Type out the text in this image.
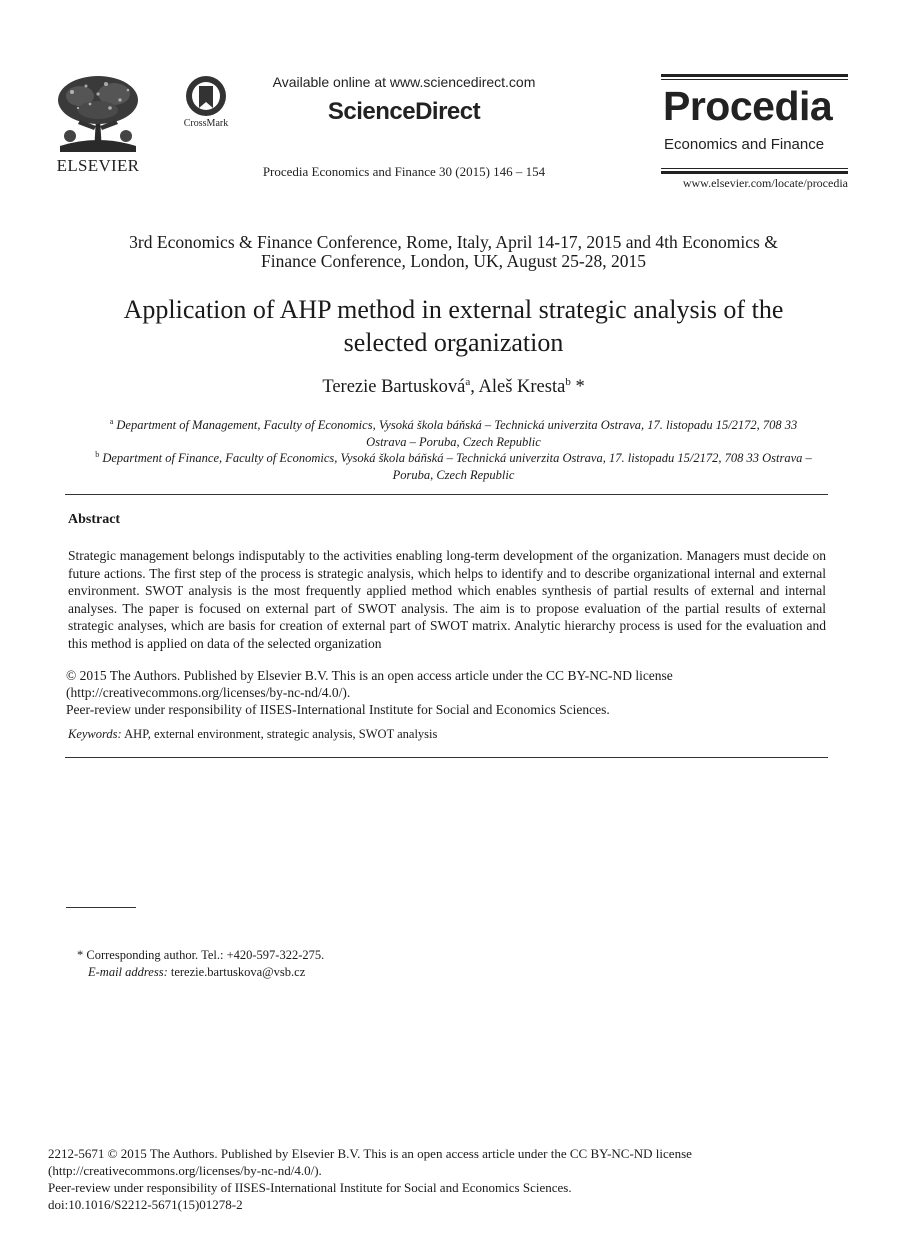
ELSEVIER
CrossMark
Available online at www.sciencedirect.com
ScienceDirect
Procedia Economics and Finance 30 (2015) 146 – 154
Procedia
Economics and Finance
www.elsevier.com/locate/procedia
3rd Economics & Finance Conference, Rome, Italy, April 14-17, 2015 and 4th Economics &
Finance Conference, London, UK, August 25-28, 2015
Application of AHP method in external strategic analysis of the
selected organization
Terezie Bartusková$^a$, Aleš Kresta$^b$ *
$^a$ Department of Management, Faculty of Economics, Vysoká škola báňská – Technická univerzita Ostrava, 17. listopadu 15/2172, 708 33
Ostrava – Poruba, Czech Republic
$^b$ Department of Finance, Faculty of Economics, Vysoká škola báňská – Technická univerzita Ostrava, 17. listopadu 15/2172, 708 33 Ostrava –
Poruba, Czech Republic
Abstract
Strategic management belongs indisputably to the activities enabling long-term development of the organization. Managers must decide on future actions. The first step of the process is strategic analysis, which helps to identify and to describe organizational internal and external environment. SWOT analysis is the most frequently applied method which enables synthesis of partial results of external and internal analyses. The paper is focused on external part of SWOT analysis. The aim is to propose evaluation of the partial results of external strategic analyses, which are basis for creation of external part of SWOT matrix. Analytic hierarchy process is used for the evaluation and this method is applied on data of the selected organization
© 2015 The Authors. Published by Elsevier B.V. This is an open access article under the CC BY-NC-ND license
(http://creativecommons.org/licenses/by-nc-nd/4.0/).
Peer-review under responsibility of IISES-International Institute for Social and Economics Sciences.
Keywords: AHP, external environment, strategic analysis, SWOT analysis
* Corresponding author. Tel.: +420-597-322-275.
E-mail address: terezie.bartuskova@vsb.cz
2212-5671 © 2015 The Authors. Published by Elsevier B.V. This is an open access article under the CC BY-NC-ND license
(http://creativecommons.org/licenses/by-nc-nd/4.0/).
Peer-review under responsibility of IISES-International Institute for Social and Economics Sciences.
doi:10.1016/S2212-5671(15)01278-2
